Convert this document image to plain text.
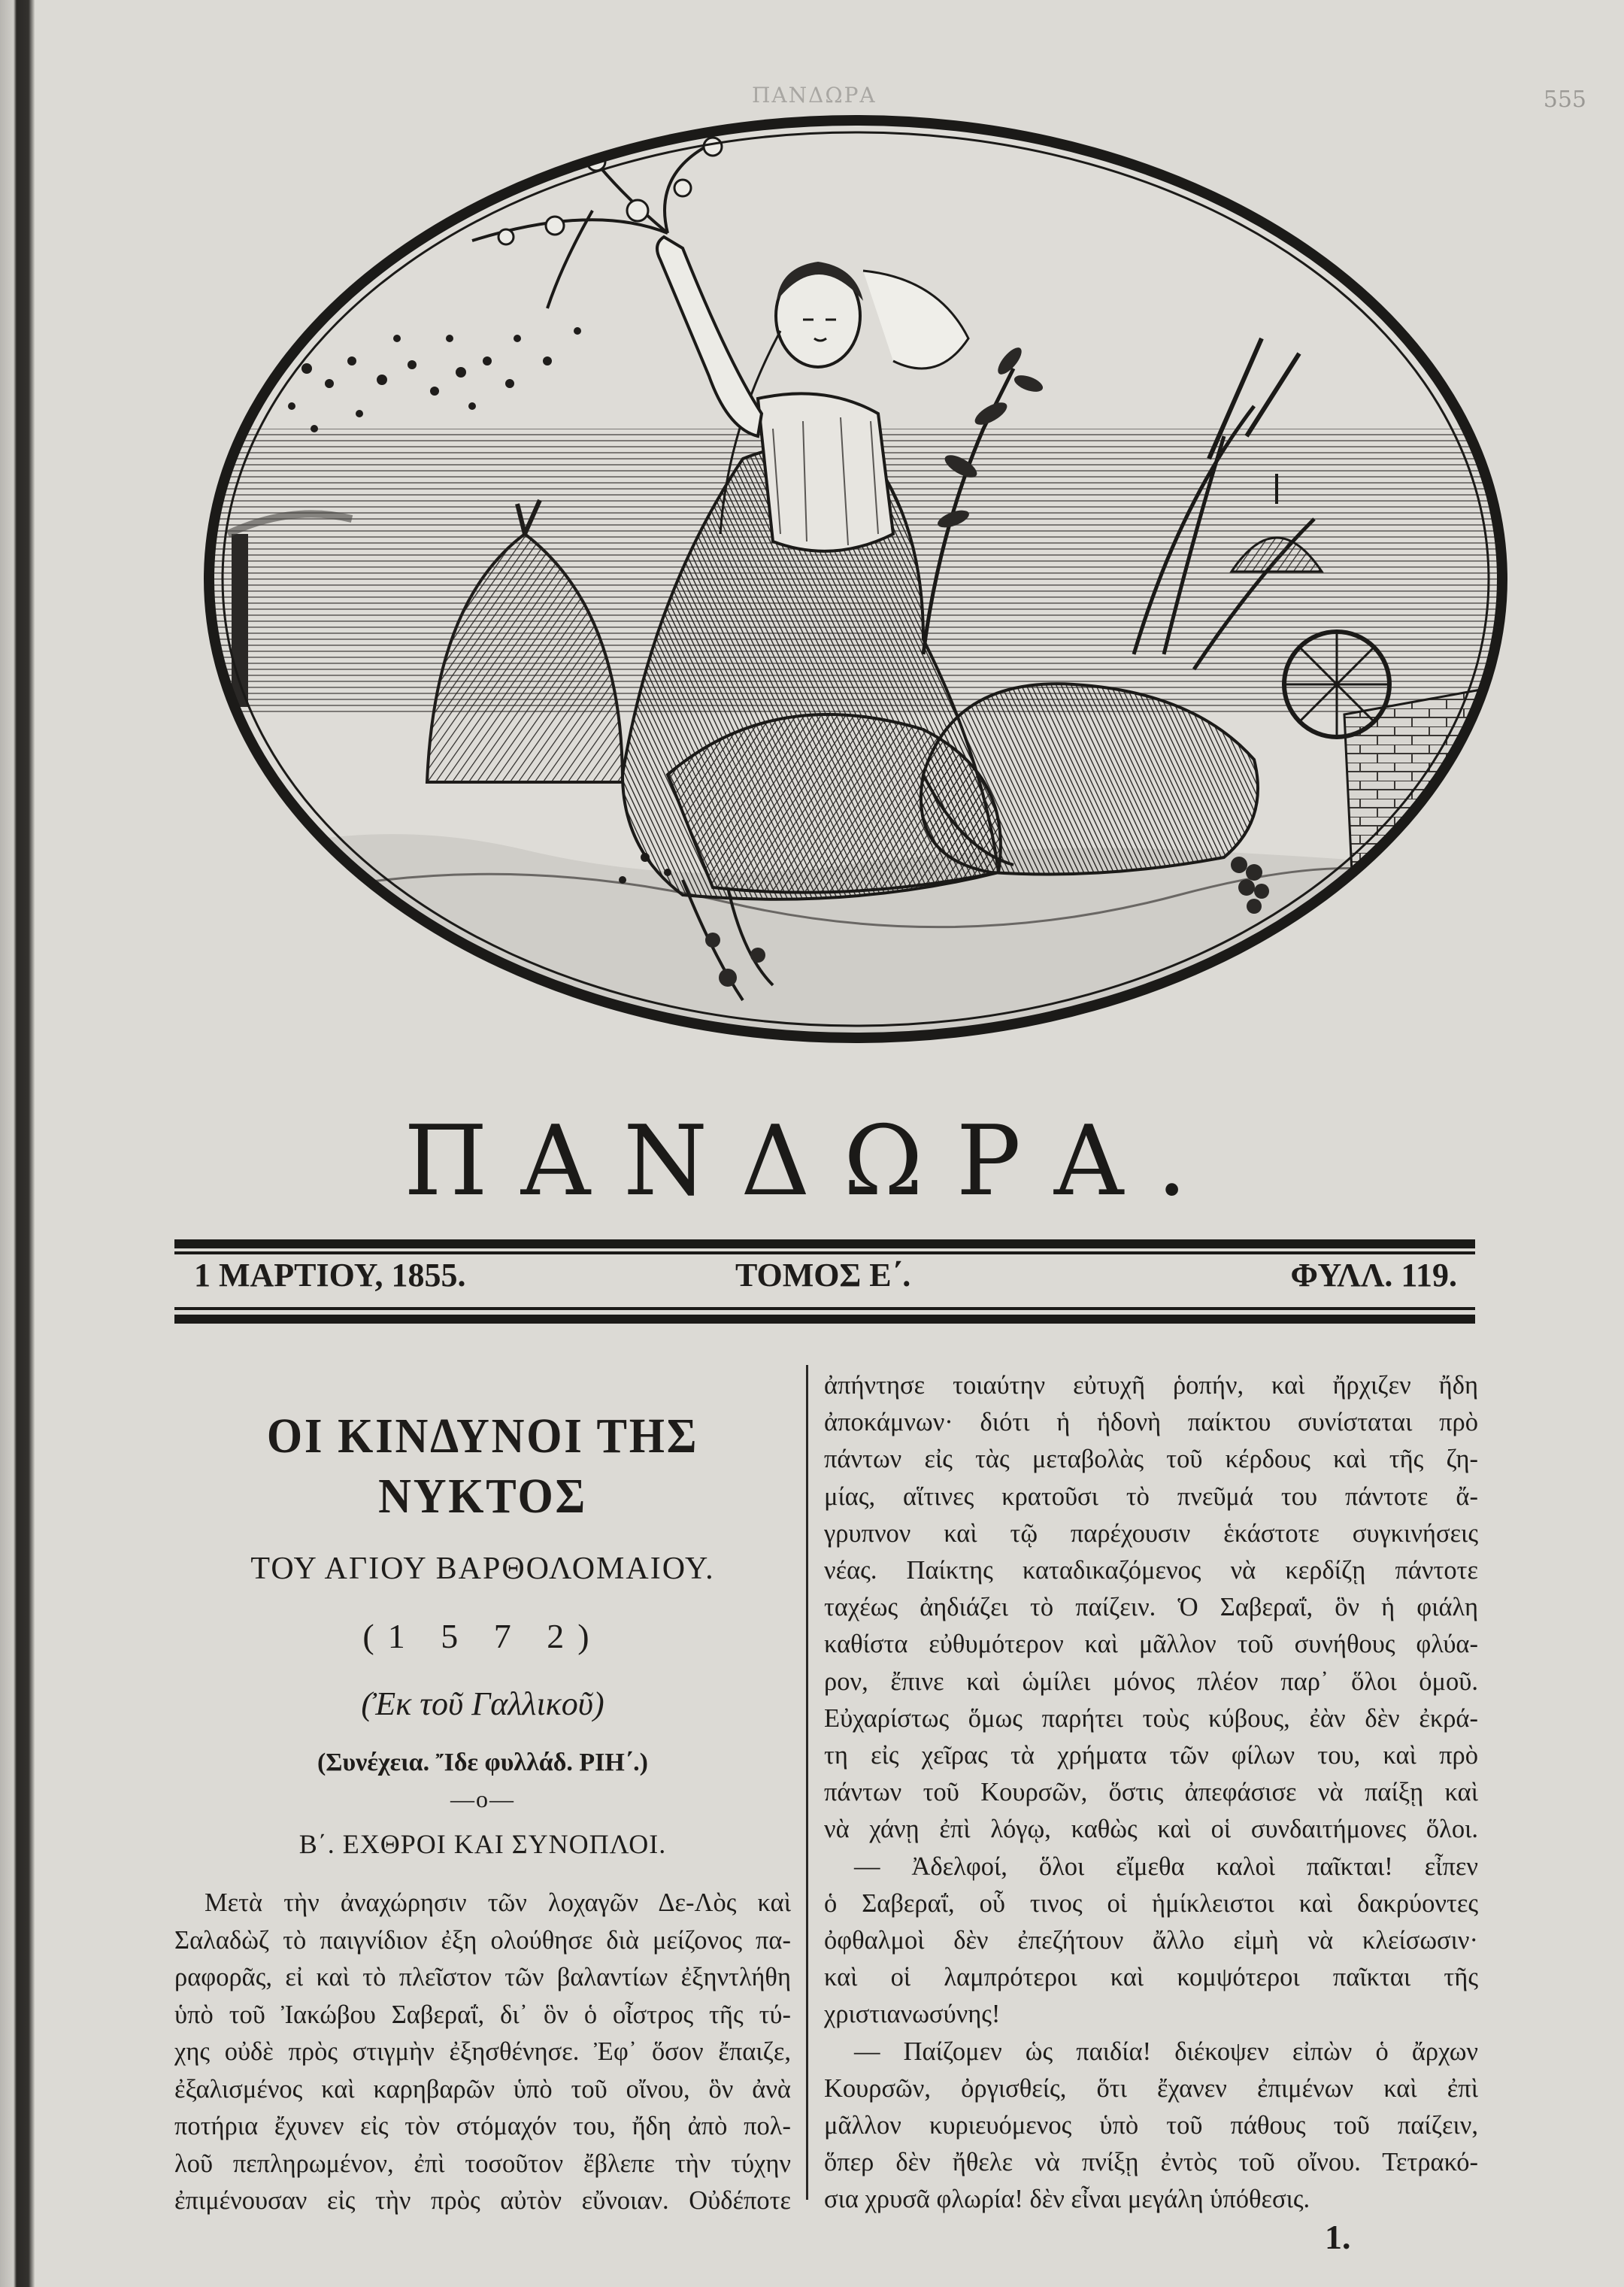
ΠΑΝΔΩΡΑ	555
ΠΑΝΔΩΡΑ.
1 ΜΑΡΤΙΟΥ, 1855.	ΤΟΜΟΣ Ε΄.	ΦΥΛΛ. 119.
ΟΙ ΚΙΝΔΥΝΟΙ ΤΗΣ ΝΥΚΤΟΣ
ΤΟΥ ΑΓΙΟΥ ΒΑΡΘΟΛΟΜΑΙΟΥ.
(1 5 7 2)
(Ἐκ τοῦ Γαλλικοῦ)
(Συνέχεια. Ἴδε φυλλάδ. ΡΙΗ΄.)
—o—
Β΄. ΕΧΘΡΟΙ ΚΑΙ ΣΥΝΟΠΛΟΙ.
Μετὰ τὴν ἀναχώρησιν τῶν λοχαγῶν Δε-Λὸς καὶ
Σαλαδὼζ τὸ παιγνίδιον ἐξη ολούθησε διὰ μείζονος πα-
ραφορᾶς, εἰ καὶ τὸ πλεῖστον τῶν βαλαντίων ἐξηντλήθη
ὑπὸ τοῦ Ἰακώβου Σαβεραΐ, δι᾿ ὃν ὁ οἶστρος τῆς τύ-
χης οὐδὲ πρὸς στιγμὴν ἐξησθένησε. Ἐφ᾿ ὅσον ἔπαιζε,
ἐξαλισμένος καὶ καρηβαρῶν ὑπὸ τοῦ οἴνου, ὃν ἀνὰ
ποτήρια ἔχυνεν εἰς τὸν στόμαχόν του, ἤδη ἀπὸ πολ-
λοῦ πεπληρωμένον, ἐπὶ τοσοῦτον ἔβλεπε τὴν τύχην
ἐπιμένουσαν εἰς τὴν πρὸς αὐτὸν εὔνοιαν. Οὐδέποτε
ἀπήντησε τοιαύτην εὐτυχῆ ῥοπήν, καὶ ἤρχιζεν ἤδη
ἀποκάμνων· διότι ἡ ἡδονὴ παίκτου συνίσταται πρὸ
πάντων εἰς τὰς μεταβολὰς τοῦ κέρδους καὶ τῆς ζη-
μίας, αἵτινες κρατοῦσι τὸ πνεῦμά του πάντοτε ἄ-
γρυπνον καὶ τῷ παρέχουσιν ἑκάστοτε συγκινήσεις
νέας. Παίκτης καταδικαζόμενος νὰ κερδίζῃ πάντοτε
ταχέως ἀηδιάζει τὸ παίζειν. Ὁ Σαβεραΐ, ὃν ἡ φιάλη
καθίστα εὐθυμότερον καὶ μᾶλλον τοῦ συνήθους φλύα-
ρον, ἔπινε καὶ ὡμίλει μόνος πλέον παρ᾿ ὅλοι ὁμοῦ.
Εὐχαρίστως ὅμως παρήτει τοὺς κύβους, ἐὰν δὲν ἐκρά-
τη εἰς χεῖρας τὰ χρήματα τῶν φίλων του, καὶ πρὸ
πάντων τοῦ Κουρσῶν, ὅστις ἀπεφάσισε νὰ παίξῃ καὶ
νὰ χάνῃ ἐπὶ λόγῳ, καθὼς καὶ οἱ συνδαιτήμονες ὅλοι.
— Ἀδελφοί, ὅλοι εἴμεθα καλοὶ παῖκται! εἶπεν
ὁ Σαβεραΐ, οὗ τινος οἱ ἡμίκλειστοι καὶ δακρύοντες
ὀφθαλμοὶ δὲν ἐπεζήτουν ἄλλο εἰμὴ νὰ κλείσωσιν·
καὶ οἱ λαμπρότεροι καὶ κομψότεροι παῖκται τῆς
χριστιανωσύνης!
— Παίζομεν ὡς παιδία! διέκοψεν εἰπὼν ὁ ἄρχων
Κουρσῶν, ὀργισθείς, ὅτι ἔχανεν ἐπιμένων καὶ ἐπὶ
μᾶλλον κυριευόμενος ὑπὸ τοῦ πάθους τοῦ παίζειν,
ὅπερ δὲν ἤθελε νὰ πνίξῃ ἐντὸς τοῦ οἴνου. Τετρακό-
σια χρυσᾶ φλωρία! δὲν εἶναι μεγάλη ὑπόθεσις.
1.
